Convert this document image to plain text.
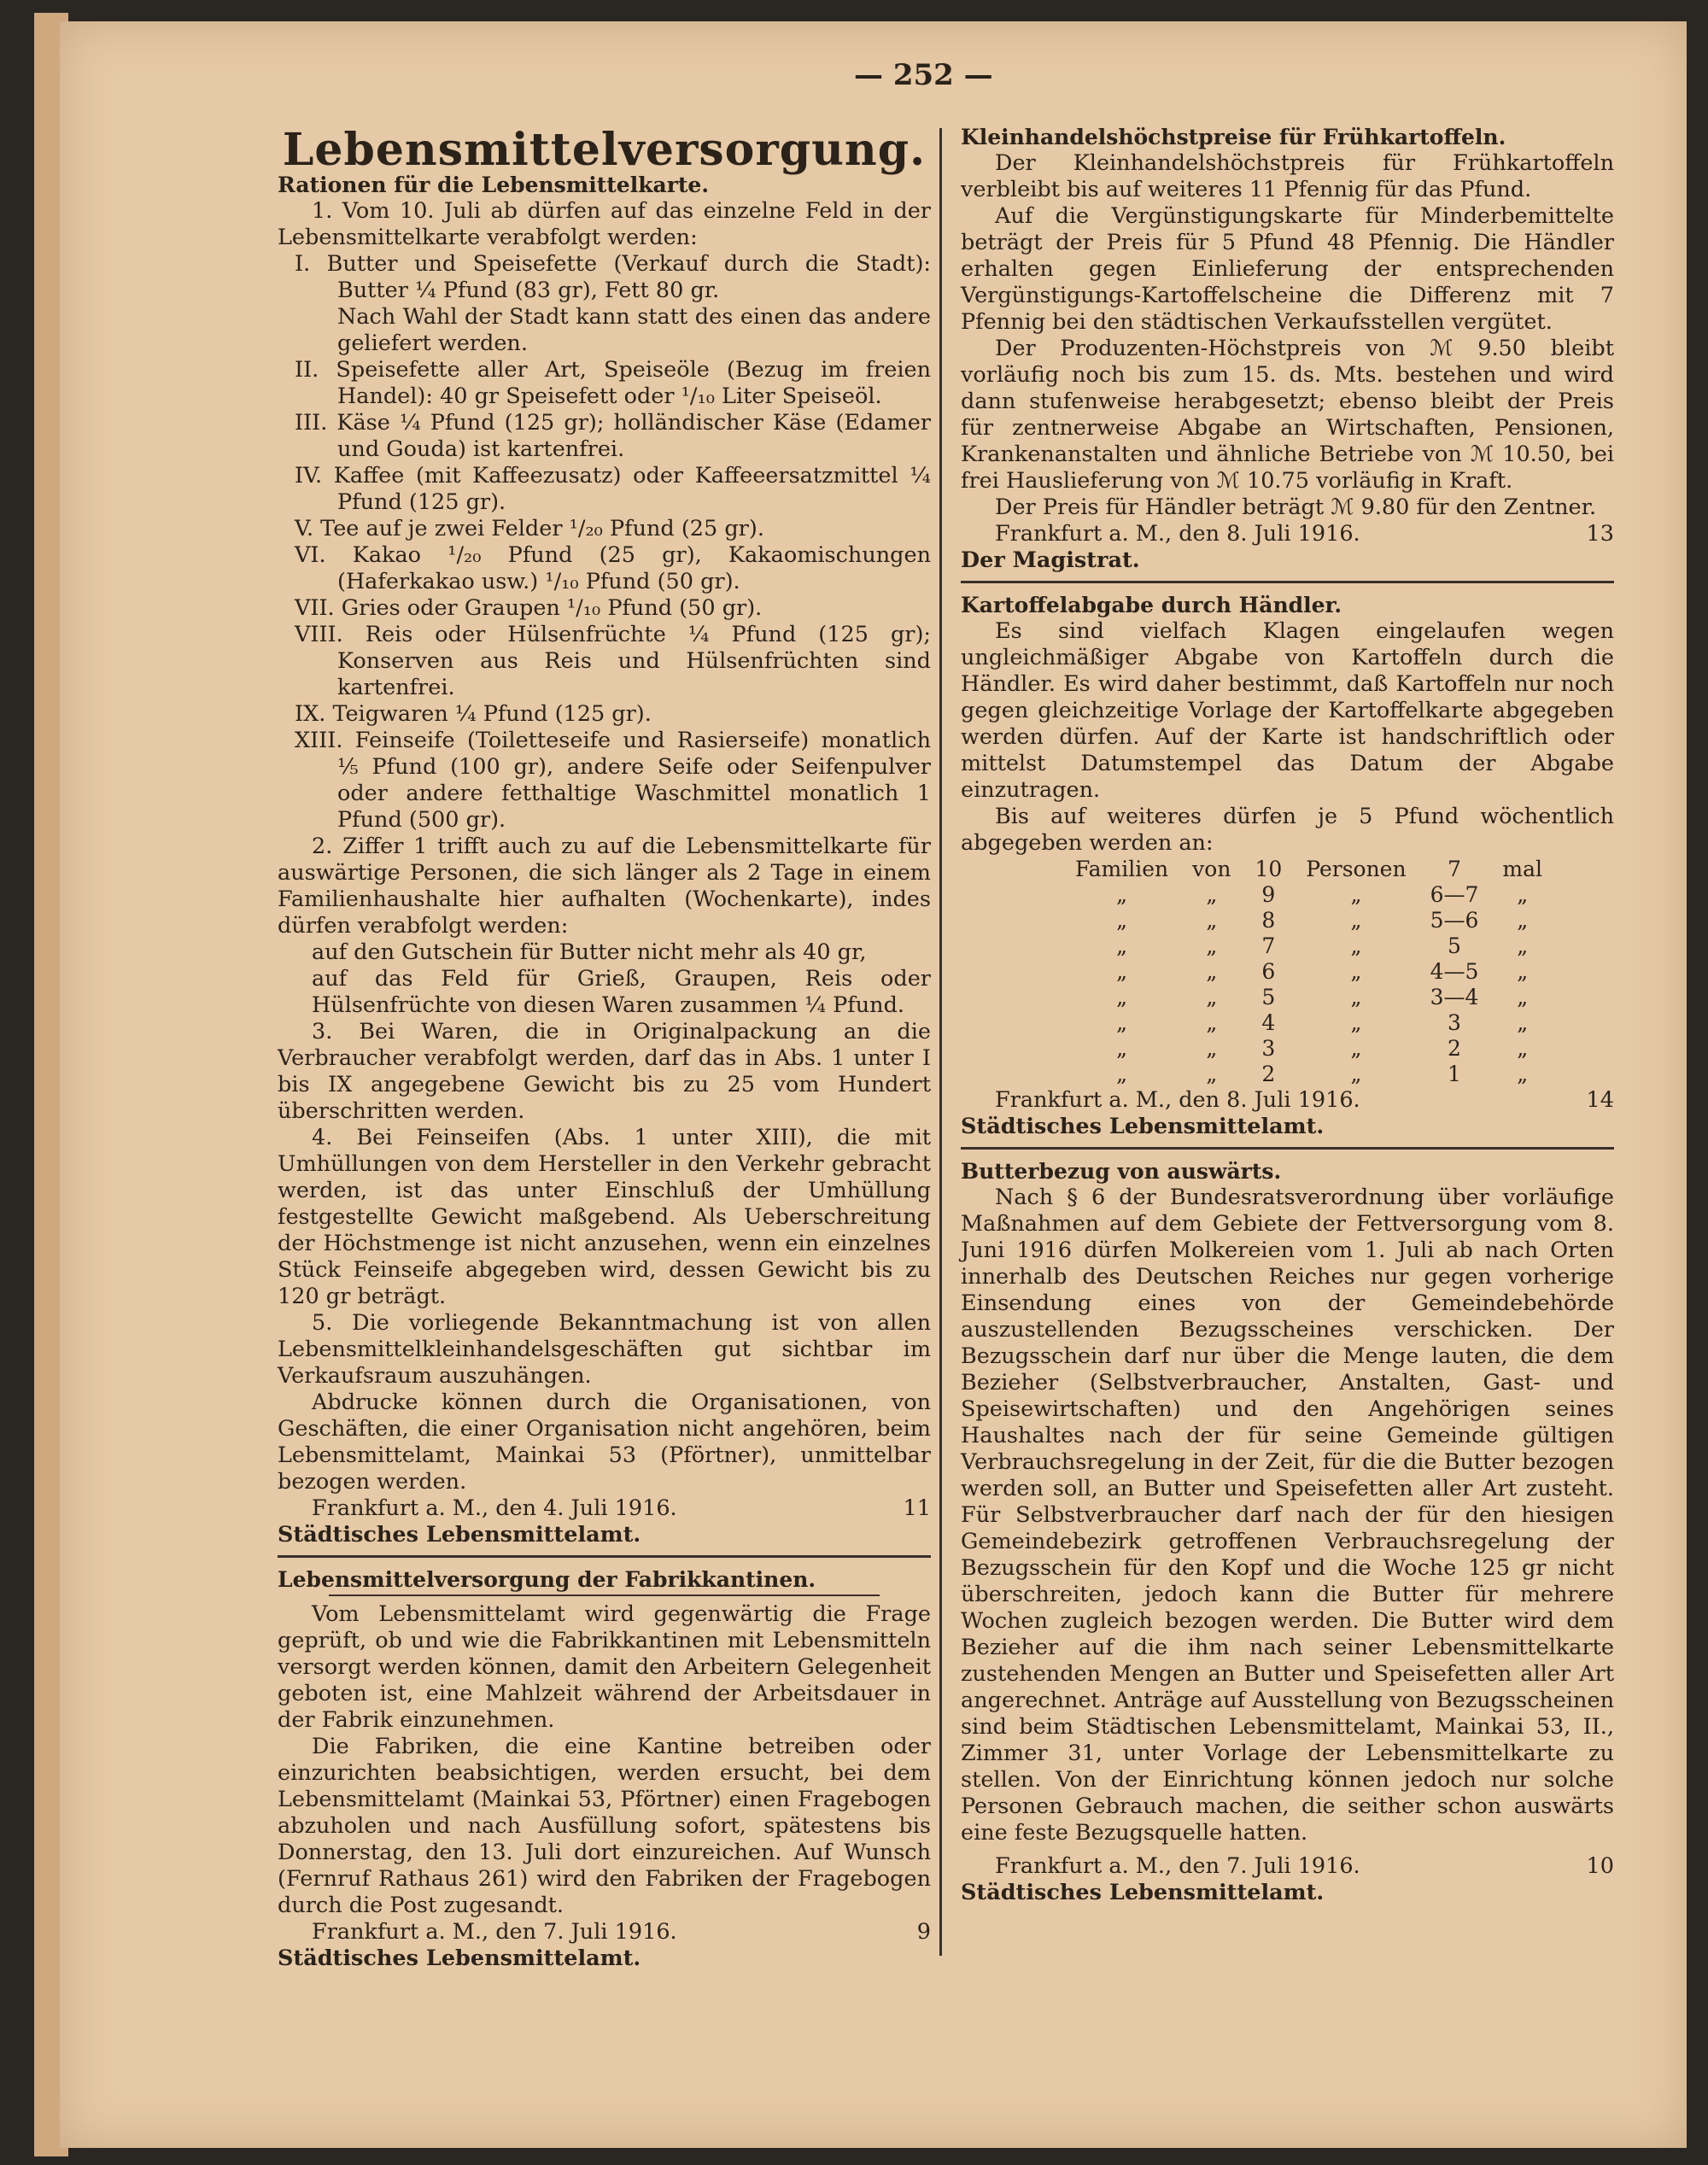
— 252 —
Lebensmittelversorgung.

Rationen für die Lebensmittelkarte.

1. Vom 10. Juli ab dürfen auf das einzelne Feld in der Lebensmittelkarte verabfolgt werden:

I. Butter und Speisefette (Verkauf durch die Stadt): Butter ¼ Pfund (83 gr), Fett 80 gr.

Nach Wahl der Stadt kann statt des einen das andere geliefert werden.

II. Speisefette aller Art, Speiseöle (Bezug im freien Handel): 40 gr Speisefett oder ¹/₁₀ Liter Speiseöl.

III. Käse ¼ Pfund (125 gr); holländischer Käse (Edamer und Gouda) ist kartenfrei.

IV. Kaffee (mit Kaffeezusatz) oder Kaffeeersatzmittel ¼ Pfund (125 gr).

V. Tee auf je zwei Felder ¹/₂₀ Pfund (25 gr).

VI. Kakao ¹/₂₀ Pfund (25 gr), Kakaomischungen (Haferkakao usw.) ¹/₁₀ Pfund (50 gr).

VII. Gries oder Graupen ¹/₁₀ Pfund (50 gr).

VIII. Reis oder Hülsenfrüchte ¼ Pfund (125 gr); Konserven aus Reis und Hülsenfrüchten sind kartenfrei.

IX. Teigwaren ¼ Pfund (125 gr).

XIII. Feinseife (Toiletteseife und Rasierseife) monatlich ⅕ Pfund (100 gr), andere Seife oder Seifenpulver oder andere fetthaltige Waschmittel monatlich 1 Pfund (500 gr).

2. Ziffer 1 trifft auch zu auf die Lebensmittelkarte für auswärtige Personen, die sich länger als 2 Tage in einem Familienhaushalte hier aufhalten (Wochenkarte), indes dürfen verabfolgt werden:

auf den Gutschein für Butter nicht mehr als 40 gr,

auf das Feld für Grieß, Graupen, Reis oder Hülsenfrüchte von diesen Waren zusammen ¼ Pfund.

3. Bei Waren, die in Originalpackung an die Verbraucher verabfolgt werden, darf das in Abs. 1 unter I bis IX angegebene Gewicht bis zu 25 vom Hundert überschritten werden.

4. Bei Feinseifen (Abs. 1 unter XIII), die mit Umhüllungen von dem Hersteller in den Verkehr gebracht werden, ist das unter Einschluß der Umhüllung festgestellte Gewicht maßgebend. Als Ueberschreitung der Höchstmenge ist nicht anzusehen, wenn ein einzelnes Stück Feinseife abgegeben wird, dessen Gewicht bis zu 120 gr beträgt.

5. Die vorliegende Bekanntmachung ist von allen Lebensmittelkleinhandelsgeschäften gut sichtbar im Verkaufsraum auszuhängen.

Abdrucke können durch die Organisationen, von Geschäften, die einer Organisation nicht angehören, beim Lebensmittelamt, Mainkai 53 (Pförtner), unmittelbar bezogen werden.

Frankfurt a. M., den 4. Juli 1916.	11

Städtisches Lebensmittelamt.

Lebensmittelversorgung der Fabrikkantinen.

Vom Lebensmittelamt wird gegenwärtig die Frage geprüft, ob und wie die Fabrikkantinen mit Lebensmitteln versorgt werden können, damit den Arbeitern Gelegenheit geboten ist, eine Mahlzeit während der Arbeitsdauer in der Fabrik einzunehmen.

Die Fabriken, die eine Kantine betreiben oder einzurichten beabsichtigen, werden ersucht, bei dem Lebensmittelamt (Mainkai 53, Pförtner) einen Fragebogen abzuholen und nach Ausfüllung sofort, spätestens bis Donnerstag, den 13. Juli dort einzureichen. Auf Wunsch (Fernruf Rathaus 261) wird den Fabriken der Fragebogen durch die Post zugesandt.

Frankfurt a. M., den 7. Juli 1916.	9

Städtisches Lebensmittelamt.

Kleinhandelshöchstpreise für Frühkartoffeln.

Der Kleinhandelshöchstpreis für Frühkartoffeln verbleibt bis auf weiteres 11 Pfennig für das Pfund.

Auf die Vergünstigungskarte für Minderbemittelte beträgt der Preis für 5 Pfund 48 Pfennig. Die Händler erhalten gegen Einlieferung der entsprechenden Vergünstigungs-Kartoffelscheine die Differenz mit 7 Pfennig bei den städtischen Verkaufsstellen vergütet.

Der Produzenten-Höchstpreis von ℳ 9.50 bleibt vorläufig noch bis zum 15. ds. Mts. bestehen und wird dann stufenweise herabgesetzt; ebenso bleibt der Preis für zentnerweise Abgabe an Wirtschaften, Pensionen, Krankenanstalten und ähnliche Betriebe von ℳ 10.50, bei frei Hauslieferung von ℳ 10.75 vorläufig in Kraft.

Der Preis für Händler beträgt ℳ 9.80 für den Zentner.

Frankfurt a. M., den 8. Juli 1916.	13

Der Magistrat.

Kartoffelabgabe durch Händler.

Es sind vielfach Klagen eingelaufen wegen ungleichmäßiger Abgabe von Kartoffeln durch die Händler. Es wird daher bestimmt, daß Kartoffeln nur noch gegen gleichzeitige Vorlage der Kartoffelkarte abgegeben werden dürfen. Auf der Karte ist handschriftlich oder mittelst Datumstempel das Datum der Abgabe einzutragen.

Bis auf weiteres dürfen je 5 Pfund wöchentlich abgegeben werden an:

Familien	von	10	Personen	7	mal
„	„	9	„	6—7	„
„	„	8	„	5—6	„
„	„	7	„	5	„
„	„	6	„	4—5	„
„	„	5	„	3—4	„
„	„	4	„	3	„
„	„	3	„	2	„
„	„	2	„	1	„
Frankfurt a. M., den 8. Juli 1916.	14

Städtisches Lebensmittelamt.

Butterbezug von auswärts.

Nach § 6 der Bundesratsverordnung über vorläufige Maßnahmen auf dem Gebiete der Fettversorgung vom 8. Juni 1916 dürfen Molkereien vom 1. Juli ab nach Orten innerhalb des Deutschen Reiches nur gegen vorherige Einsendung eines von der Gemeindebehörde auszustellenden Bezugsscheines verschicken. Der Bezugsschein darf nur über die Menge lauten, die dem Bezieher (Selbstverbraucher, Anstalten, Gast- und Speisewirtschaften) und den Angehörigen seines Haushaltes nach der für seine Gemeinde gültigen Verbrauchsregelung in der Zeit, für die die Butter bezogen werden soll, an Butter und Speisefetten aller Art zusteht. Für Selbstverbraucher darf nach der für den hiesigen Gemeindebezirk getroffenen Verbrauchsregelung der Bezugsschein für den Kopf und die Woche 125 gr nicht überschreiten, jedoch kann die Butter für mehrere Wochen zugleich bezogen werden. Die Butter wird dem Bezieher auf die ihm nach seiner Lebensmittelkarte zustehenden Mengen an Butter und Speisefetten aller Art angerechnet. Anträge auf Ausstellung von Bezugsscheinen sind beim Städtischen Lebensmittelamt, Mainkai 53, II., Zimmer 31, unter Vorlage der Lebensmittelkarte zu stellen. Von der Einrichtung können jedoch nur solche Personen Gebrauch machen, die seither schon auswärts eine feste Bezugsquelle hatten.

Frankfurt a. M., den 7. Juli 1916.	10

Städtisches Lebensmittelamt.
